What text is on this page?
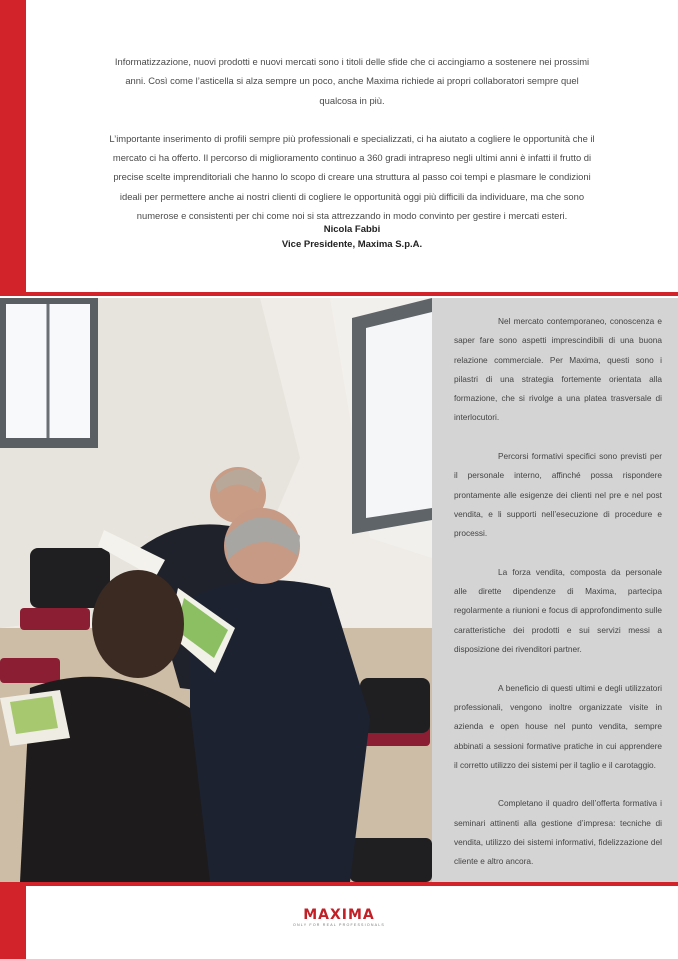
Informatizzazione, nuovi prodotti e nuovi mercati sono i titoli delle sfide che ci accingiamo a sostenere nei prossimi anni. Così come l’asticella si alza sempre un poco, anche Maxima richiede ai propri collaboratori sempre quel qualcosa in più.

L’importante inserimento di profili sempre più professionali e specializzati, ci ha aiutato a cogliere le opportunità che il mercato ci ha offerto. Il percorso di miglioramento continuo a 360 gradi intrapreso negli ultimi anni è infatti il frutto di precise scelte imprenditoriali che hanno lo scopo di creare una struttura al passo coi tempi e plasmare le condizioni ideali per permettere anche ai nostri clienti di cogliere le opportunità oggi più difficili da individuare, ma che sono numerose e consistenti per chi come noi si sta attrezzando in modo convinto per gestire i mercati esteri.

Nicola Fabbi
Vice Presidente, Maxima S.p.A.

Nel mercato contemporaneo, conoscenza e saper fare sono aspetti imprescindibili di una buona relazione commerciale. Per Maxima, questi sono i pilastri di una strategia fortemente orientata alla formazione, che si rivolge a una platea trasversale di interlocutori.

Percorsi formativi specifici sono previsti per il personale interno, affinché possa rispondere prontamente alle esigenze dei clienti nel pre e nel post vendita, e li supporti nell’esecuzione di procedure e processi.

La forza vendita, composta da personale alle dirette dipendenze di Maxima, partecipa regolarmente a riunioni e focus di approfondimento sulle caratteristiche dei prodotti e sui servizi messi a disposizione dei rivenditori partner.

A beneficio di questi ultimi e degli utilizzatori professionali, vengono inoltre organizzate visite in azienda e open house nel punto vendita, sempre abbinati a sessioni formative pratiche in cui apprendere il corretto utilizzo dei sistemi per il taglio e il carotaggio.

Completano il quadro dell’offerta formativa i seminari attinenti alla gestione d’impresa: tecniche di vendita, utilizzo dei sistemi informativi, fidelizzazione del cliente e altro ancora.

MAXIMA
ONLY FOR REAL PROFESSIONALS
